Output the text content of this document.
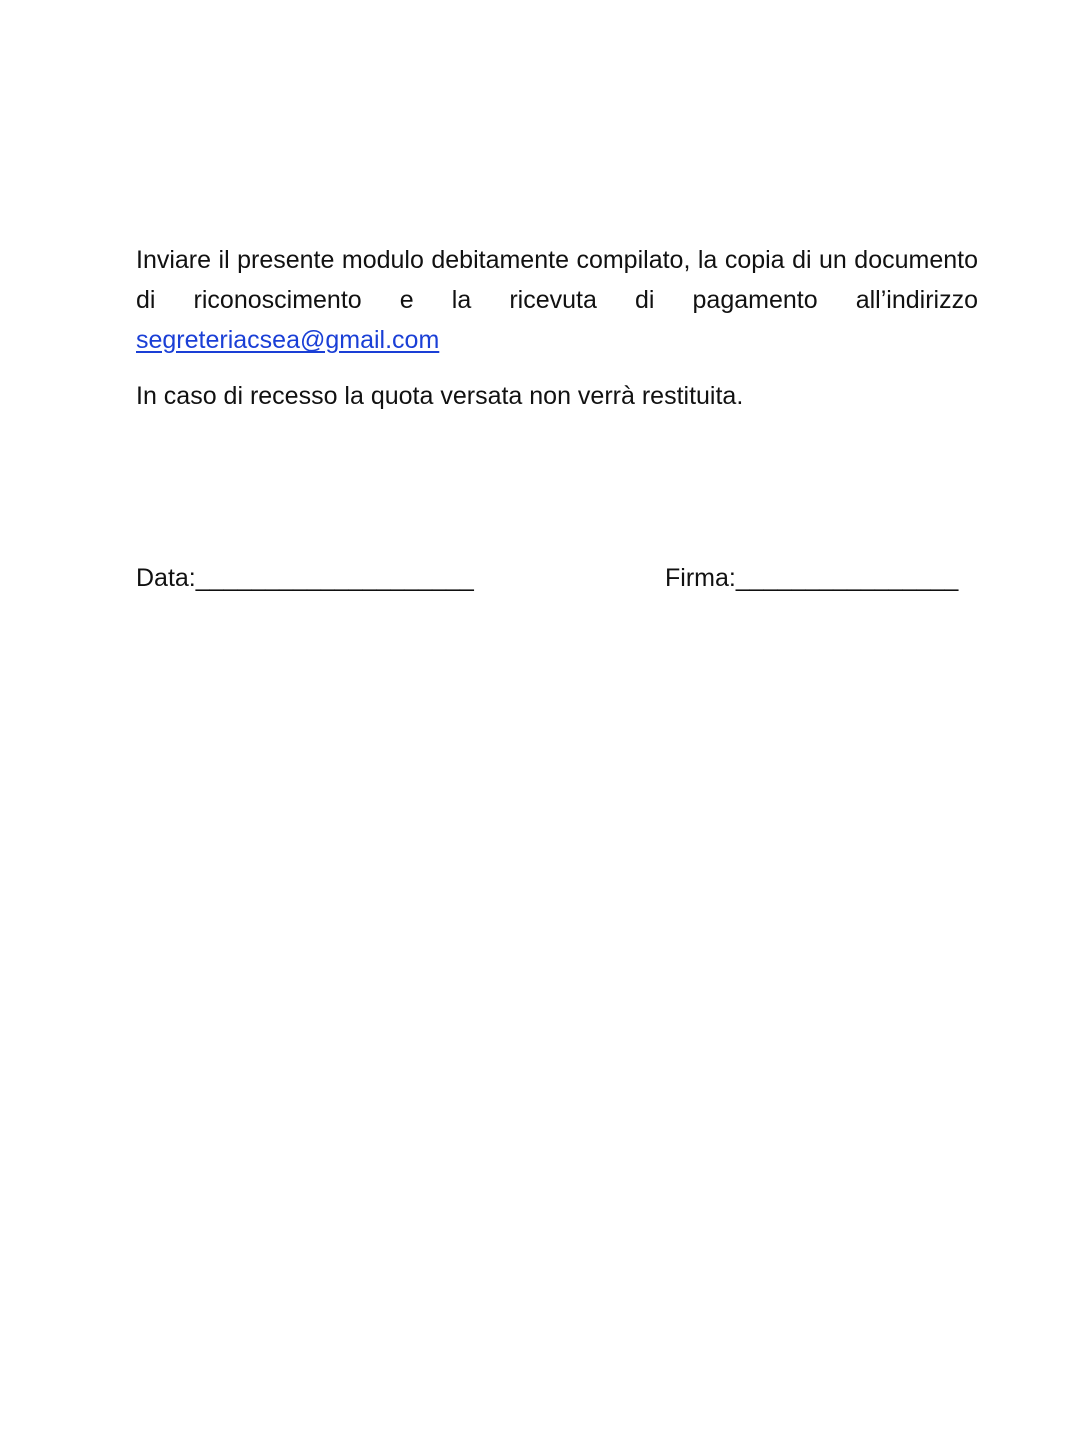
Inviare il presente modulo debitamente compilato, la copia di un documento di riconoscimento e la ricevuta di pagamento all’indirizzo segreteriacsea@gmail.com

In caso di recesso la quota versata non verrà restituita.

Data:____________________	Firma:________________
